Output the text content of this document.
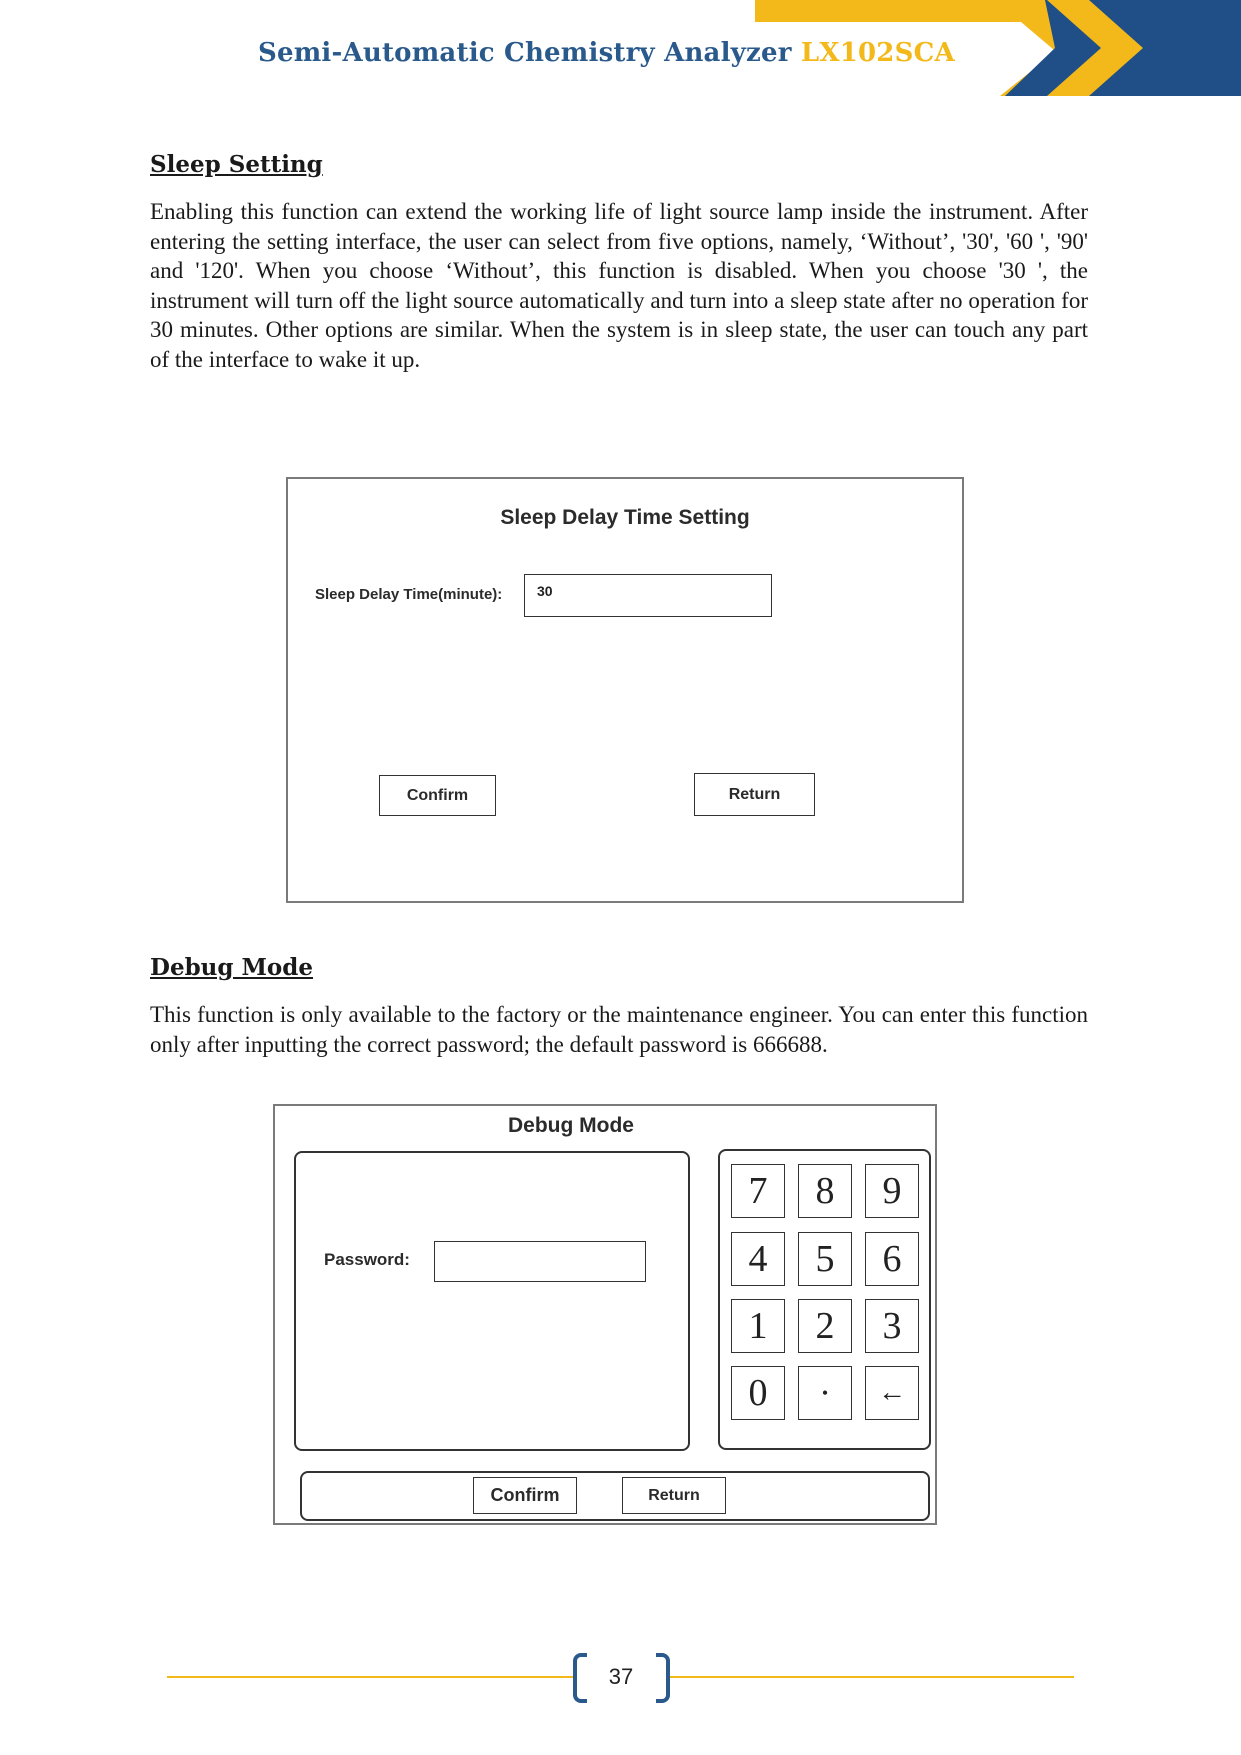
Semi-Automatic Chemistry Analyzer LX102SCA
Sleep Setting

Enabling this function can extend the working life of light source lamp inside the instrument. After entering the setting interface, the user can select from five options, namely, ‘Without’, '30', '60 ', '90' and '120'. When you choose ‘Without’, this function is disabled. When you choose '30 ', the instrument will turn off the light source automatically and turn into a sleep state after no operation for 30 minutes. Other options are similar. When the system is in sleep state, the user can touch any part of the interface to wake it up.

Sleep Delay Time Setting
Sleep Delay Time(minute):	30
Confirm	Return
Debug Mode

This function is only available to the factory or the maintenance engineer. You can enter this function only after inputting the correct password; the default password is 666688.

Debug Mode
Password:
7	8	9
4	5	6
1	2	3
0	•	←
Confirm	Return
37
